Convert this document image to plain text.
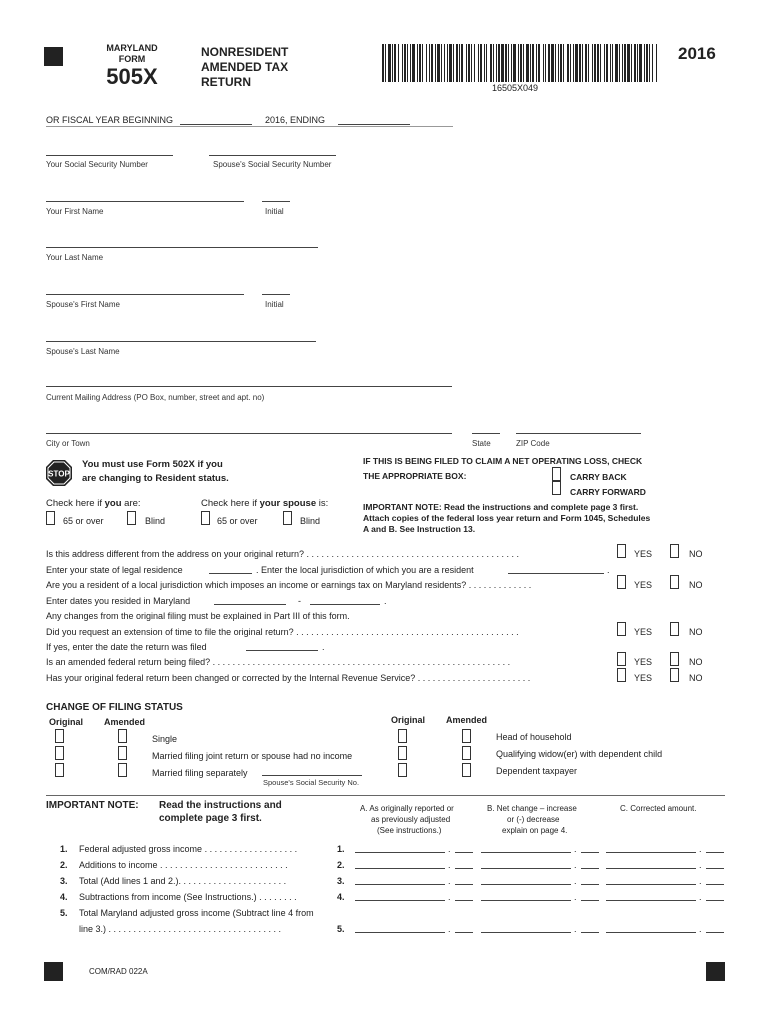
MARYLAND
FORM
505X
NONRESIDENT
AMENDED TAX
RETURN	16505X049
2016
OR FISCAL YEAR BEGINNING	2016, ENDING
Your Social Security Number	Spouse's Social Security Number
Your First Name	Initial
Your Last Name
Spouse's First Name	Initial
Spouse's Last Name
Current Mailing Address (PO Box, number, street and apt. no)
City or Town	State	ZIP Code
STOP
You must use Form 502X if you
are changing to Resident status.
Check here if you are:	Check here if your spouse is:
65 or over	Blind	65 or over	Blind
IF THIS IS BEING FILED TO CLAIM A NET OPERATING LOSS, CHECK
THE APPROPRIATE BOX:	CARRY BACK
CARRY FORWARD
IMPORTANT NOTE: Read the instructions and complete page 3 first.
Attach copies of the federal loss year return and Form 1045, Schedules
A and B. See Instruction 13.
Is this address different from the address on your original return? . . . . . . . . . . . . . . . . . . . . . . . . . . . . . . . . . . . . . . . . . . .	YES	NO
Enter your state of legal residence	. Enter the local jurisdiction of which you are a resident	.
Are you a resident of a local jurisdiction which imposes an income or earnings tax on Maryland residents? . . . . . . . . . . . . .	YES	NO
Enter dates you resided in Maryland	-	.
Any changes from the original filing must be explained in Part III of this form.
Did you request an extension of time to file the original return? . . . . . . . . . . . . . . . . . . . . . . . . . . . . . . . . . . . . . . . . . . . . .	YES	NO
If yes, enter the date the return was filed	.
Is an amended federal return being filed? . . . . . . . . . . . . . . . . . . . . . . . . . . . . . . . . . . . . . . . . . . . . . . . . . . . . . . . . . . . .	YES	NO
Has your original federal return been changed or corrected by the Internal Revenue Service? . . . . . . . . . . . . . . . . . . . . . . .	YES	NO
CHANGE OF FILING STATUS
Original Amended	Original Amended
Single
Married filing joint return or spouse had no income
Married filing separately
Spouse's Social Security No.
Head of household
Qualifying widow(er) with dependent child
Dependent taxpayer
IMPORTANT NOTE: Read the instructions and
complete page 3 first.
A. As originally reported or
as previously adjusted
(See instructions.)
B. Net change – increase
or (-) decrease
explain on page 4.
C. Corrected amount.
1. Federal adjusted gross income . . . . . . . . . . . . . . . . . . .	1.	.	.	.
2. Additions to income . . . . . . . . . . . . . . . . . . . . . . . . . .	2.	.	.	.
3. Total (Add lines 1 and 2.). . . . . . . . . . . . . . . . . . . . . .	3.	.	.	.
4. Subtractions from income (See Instructions.) . . . . . . . .	4.	.	.	.
5. Total Maryland adjusted gross income (Subtract line 4 from
line 3.) . . . . . . . . . . . . . . . . . . . . . . . . . . . . . . . . . . .	5.	.	.	.
COM/RAD 022A
